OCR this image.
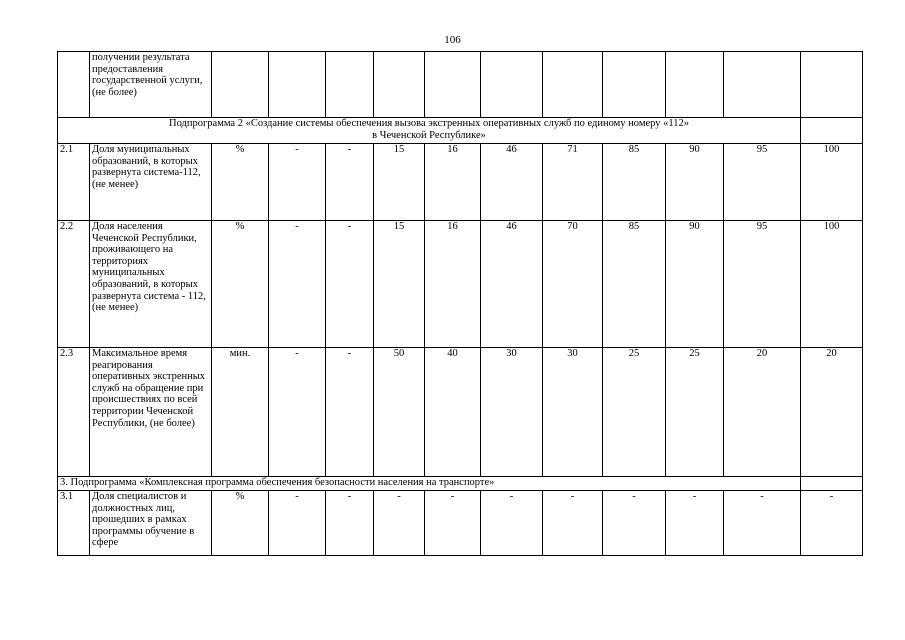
106
	получении результата предоставления государственной услуги, (не более)											

Подпрограмма 2 «Создание системы обеспечения вызова экстренных оперативных служб по единому номеру «112»
в Чеченской Республике»												

2.1	Доля муниципальных образований, в которых развернута система-112, (не менее)	%	-	-	15	16	46	71	85	90	95	100
2.2	Доля населения Чеченской Республики, проживающего на территориях муниципальных образований, в которых развернута система - 112, (не менее)	%	-	-	15	16	46	70	85	90	95	100
2.3	Максимальное время реагирования оперативных экстренных служб на обращение при происшествиях по всей территории Чеченской Республики, (не более)	мин.	-	-	50	40	30	30	25	25	20	20
3. Подпрограмма «Комплексная программа обеспечения безопасности населения на транспорте»												
3.1	Доля специалистов и должностных лиц, прошедших в рамках программы обучение в сфере	%	-	-	-	-	-	-	-	-	-	-
